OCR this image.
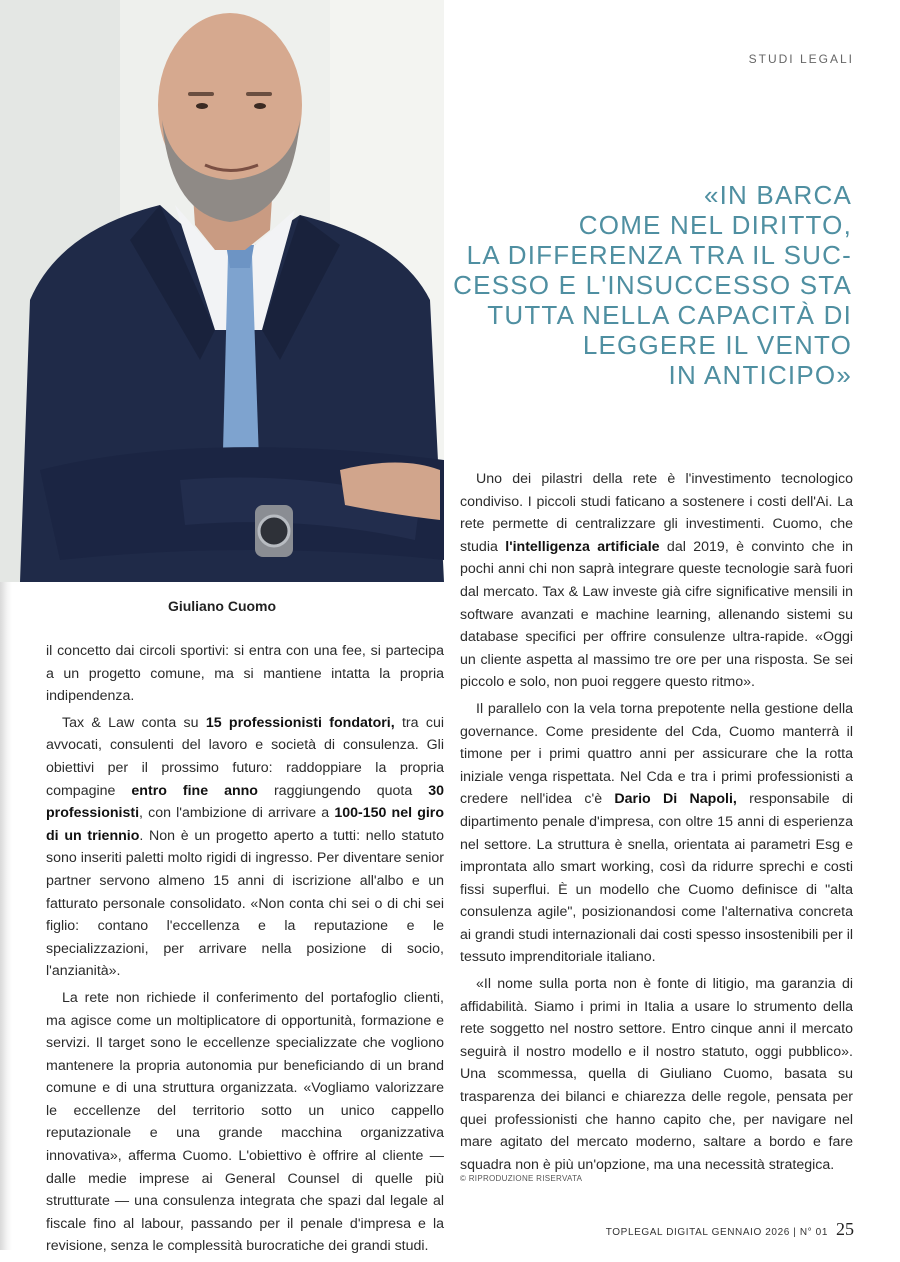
STUDI LEGALI
«IN BARCA
COME NEL DIRITTO,
LA DIFFERENZA TRA IL SUC-
CESSO E L'INSUCCESSO STA
TUTTA NELLA CAPACITÀ DI
LEGGERE IL VENTO
IN ANTICIPO»
Giuliano Cuomo

il concetto dai circoli sportivi: si entra con una fee, si partecipa a un progetto comune, ma si mantiene intatta la propria indipendenza.

Tax & Law conta su 15 professionisti fondatori, tra cui avvocati, consulenti del lavoro e società di consulenza. Gli obiettivi per il prossimo futuro: raddoppiare la propria compagine entro fine anno raggiungendo quota 30 professionisti, con l'ambizione di arrivare a 100-150 nel giro di un triennio. Non è un progetto aperto a tutti: nello statuto sono inseriti paletti molto rigidi di ingresso. Per diventare senior partner servono almeno 15 anni di iscrizione all'albo e un fatturato personale consolidato. «Non conta chi sei o di chi sei figlio: contano l'eccellenza e la reputazione e le specializzazioni, per arrivare nella posizione di socio, l'anzianità».

La rete non richiede il conferimento del portafoglio clienti, ma agisce come un moltiplicatore di opportunità, formazione e servizi. Il target sono le eccellenze specializzate che vogliono mantenere la propria autonomia pur beneficiando di un brand comune e di una struttura organizzata. «Vogliamo valorizzare le eccellenze del territorio sotto un unico cappello reputazionale e una grande macchina organizzativa innovativa», afferma Cuomo. L'obiettivo è offrire al cliente — dalle medie imprese ai General Counsel di quelle più strutturate — una consulenza integrata che spazi dal legale al fiscale fino al labour, passando per il penale d'impresa e la revisione, senza le complessità burocratiche dei grandi studi.

Uno dei pilastri della rete è l'investimento tecnologico condiviso. I piccoli studi faticano a sostenere i costi dell'Ai. La rete permette di centralizzare gli investimenti. Cuomo, che studia l'intelligenza artificiale dal 2019, è convinto che in pochi anni chi non saprà integrare queste tecnologie sarà fuori dal mercato. Tax & Law investe già cifre significative mensili in software avanzati e machine learning, allenando sistemi su database specifici per offrire consulenze ultra-rapide. «Oggi un cliente aspetta al massimo tre ore per una risposta. Se sei piccolo e solo, non puoi reggere questo ritmo».

Il parallelo con la vela torna prepotente nella gestione della governance. Come presidente del Cda, Cuomo manterrà il timone per i primi quattro anni per assicurare che la rotta iniziale venga rispettata. Nel Cda e tra i primi professionisti a credere nell'idea c'è Dario Di Napoli, responsabile di dipartimento penale d'impresa, con oltre 15 anni di esperienza nel settore. La struttura è snella, orientata ai parametri Esg e improntata allo smart working, così da ridurre sprechi e costi fissi superflui. È un modello che Cuomo definisce di "alta consulenza agile", posizionandosi come l'alternativa concreta ai grandi studi internazionali dai costi spesso insostenibili per il tessuto imprenditoriale italiano.

«Il nome sulla porta non è fonte di litigio, ma garanzia di affidabilità. Siamo i primi in Italia a usare lo strumento della rete soggetto nel nostro settore. Entro cinque anni il mercato seguirà il nostro modello e il nostro statuto, oggi pubblico». Una scommessa, quella di Giuliano Cuomo, basata su trasparenza dei bilanci e chiarezza delle regole, pensata per quei professionisti che hanno capito che, per navigare nel mare agitato del mercato moderno, saltare a bordo e fare squadra non è più un'opzione, ma una necessità strategica.

© RIPRODUZIONE RISERVATA
TOPLEGAL DIGITAL GENNAIO 2026 | N° 01 25
